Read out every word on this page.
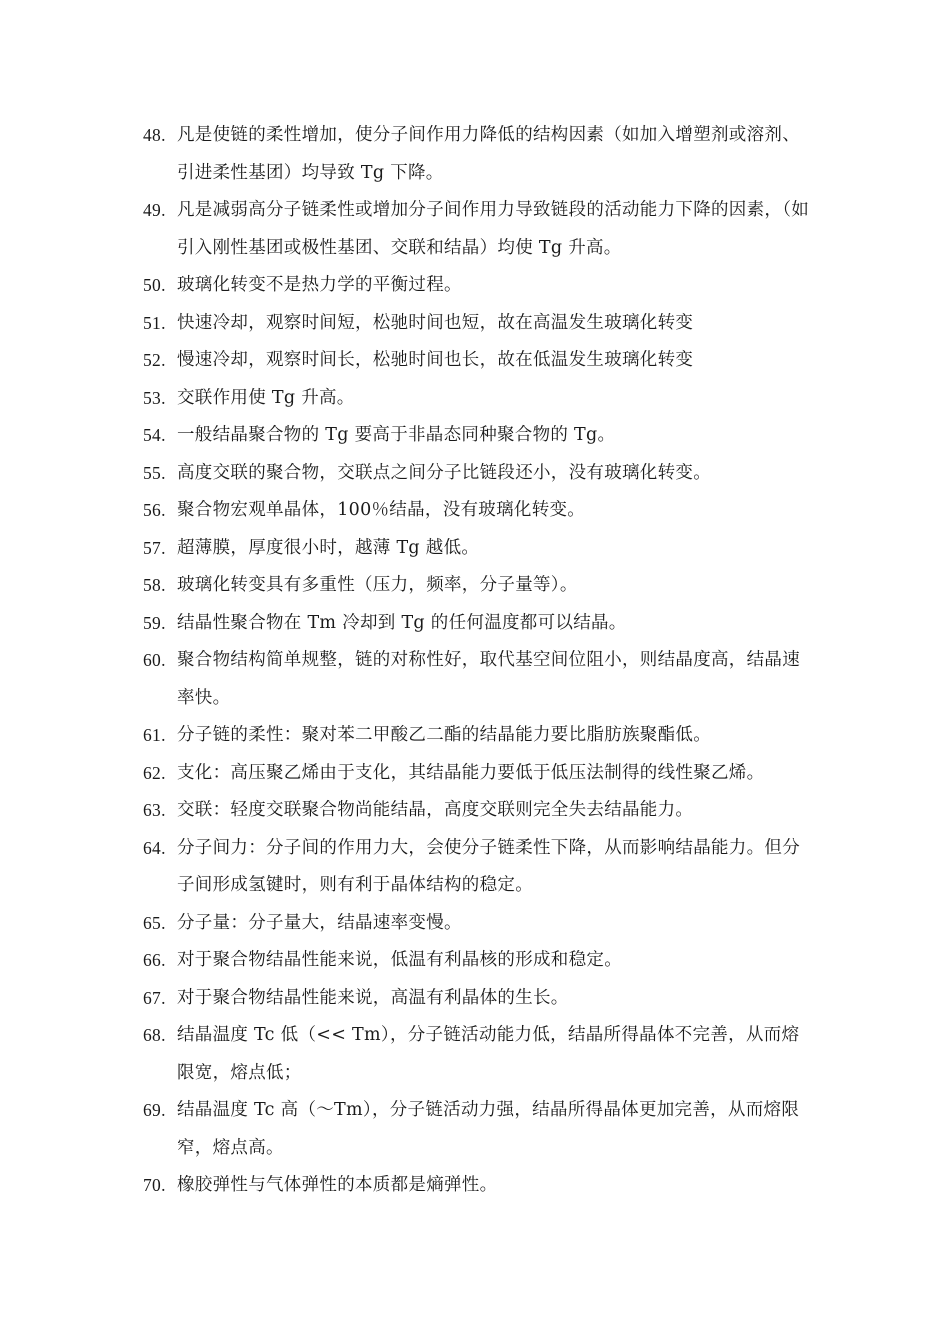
48. 凡是使链的柔性增加，使分子间作用力降低的结构因素（如加入增塑剂或溶剂、引进柔性基团）均导致 Tg 下降。
49. 凡是减弱高分子链柔性或增加分子间作用力导致链段的活动能力下降的因素，（如引入刚性基团或极性基团、交联和结晶）均使 Tg 升高。
50. 玻璃化转变不是热力学的平衡过程。
51. 快速冷却，观察时间短，松驰时间也短，故在高温发生玻璃化转变
52. 慢速冷却，观察时间长，松驰时间也长，故在低温发生玻璃化转变
53. 交联作用使 Tg 升高。
54. 一般结晶聚合物的 Tg 要高于非晶态同种聚合物的 Tg。
55. 高度交联的聚合物，交联点之间分子比链段还小，没有玻璃化转变。
56. 聚合物宏观单晶体，100％结晶，没有玻璃化转变。
57. 超薄膜，厚度很小时，越薄 Tg 越低。
58. 玻璃化转变具有多重性（压力，频率，分子量等）。
59. 结晶性聚合物在 Tm 冷却到 Tg 的任何温度都可以结晶。
60. 聚合物结构简单规整，链的对称性好，取代基空间位阻小，则结晶度高，结晶速率快。
61. 分子链的柔性：聚对苯二甲酸乙二酯的结晶能力要比脂肪族聚酯低。
62. 支化：高压聚乙烯由于支化，其结晶能力要低于低压法制得的线性聚乙烯。
63. 交联：轻度交联聚合物尚能结晶，高度交联则完全失去结晶能力。
64. 分子间力：分子间的作用力大，会使分子链柔性下降，从而影响结晶能力。但分子间形成氢键时，则有利于晶体结构的稳定。
65. 分子量：分子量大，结晶速率变慢。
66. 对于聚合物结晶性能来说，低温有利晶核的形成和稳定。
67. 对于聚合物结晶性能来说，高温有利晶体的生长。
68. 结晶温度 Tc 低（<< Tm），分子链活动能力低，结晶所得晶体不完善，从而熔限宽，熔点低；
69. 结晶温度 Tc 高（～Tm），分子链活动力强，结晶所得晶体更加完善，从而熔限窄，熔点高。
70. 橡胶弹性与气体弹性的本质都是熵弹性。
